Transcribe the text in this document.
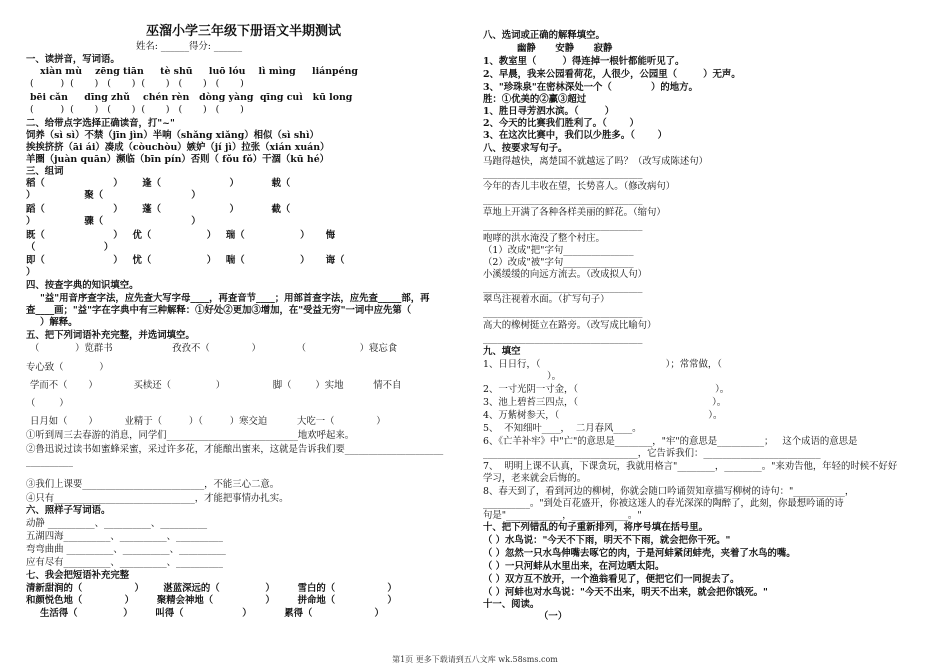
巫溜小学三年级下册语文半期测试
姓名: ______得分: ______
一、读拼音，写词语。
xiàn mù    zēng tiān     tè shū     luō lóu    lì mìng     liánpéng
(         )  (       )   (       )  (       )   (       )   (       )
bēi cǎn     dīng zhǔ    chén rèn   dòng yàng  qīng cuì   kū long
(         )  (       )   (       )  (       )   (       )   (       )
二、给带点字选择正确读音，打"~"
饲养（sì sì）不禁（jīn jìn）半响（shǎng xiǎng）相似（sì shì）
挨挨挤挤（āi ái）凑成（còuchòu）嫉妒（jí jì）拉张（xián xuán）
羊圈（juàn quān）濒临（bīn pín）否则（ fǒu fǒ）干涸（kū hé）
三、组词
稻（                     ）      逢（                     ）          载（
）               聚（                           ）
蹈（                     ）      蓬（                     ）          截（
）               骤（                           ）
既（                     ）   优（                 ）   瑞（                 ）     悔
（                     ）
即（                     ）   忧（                 ）   喘（                 ）     诲（
）
四、按查字典的知识填空。
"益"用音序查字法，应先查大写字母____，再查音节____；用部首查字法，应先查_____部，再
查____画；"益"字在字典中有三种解释：①好处②更加③增加，在"受益无穷"一词中应先第（
）解释。
五、把下列词语补充完整，并选词填空。
（            ）览群书                    孜孜不（              ）            （                  ）寝忘食
专心致（            ）
学而不（       ）            买椟还（               ）                脚（        ）实地          情不自
（        ）
日月如（       ）         业精于（         ）（         ）寒交迫          大吃一（              ）
①听到周三去春游的消息，同学们____________________________地欢呼起来。
②鲁迅说过读书如蜜蜂采蜜，采过许多花，才能酿出蜜来，这就是告诉我们要_____________________
__________
③我们上课要__________________________，不能三心二意。
④只有______________________________，才能把事情办扎实。
六、照样子写词语。
动静 __________、__________、__________
五湖四海__________、__________、__________
弯弯曲曲 __________、__________、__________
应有尽有__________、__________、__________
七、我会把短语补充完整
清新甜润的（                ）      湛蓝深远的（              ）       雪白的（                ）
和颜悦色地（             ）       聚精会神地（                ）       拼命地（                ）
生活得（              ）       叫得（                  ）          累得（                   ）
八、选词或正确的解释填空。
幽静      安静      寂静
1、教室里（        ）得连掉一根针都能听见了。
2、早晨，我来公园看荷花，人很少，公园里（        ）无声。
3、"珍珠泉"在密林深处一个（            ）的地方。
胜：①优美的②赢③超过
1、胜日寻芳泗水滨。（        ）
2、今天的比赛我们胜利了。（       ）
3、在这次比赛中，我们以少胜多。（       ）
八、按要求写句子。
马跑得越快，离楚国不就越远了吗？（改写成陈述句）
__________________________________
今年的杏儿丰收在望，长势喜人。（修改病句）
__________________________________
草地上开满了各种各样美丽的鲜花。（缩句）
__________________________________
咆哮的洪水淹没了整个村庄。
（1）改成"把"字句_______________
（2）改成"被"字句_______________
小溪缓缓的向远方流去。（改成拟人句）
__________________________________
翠鸟注视着水面。（扩写句子）
__________________________________
高大的橡树挺立在路旁。（改写成比喻句）
__________________________________
九、填空
1、日日行，（                                          ）；常常做，（
）。
2、一寸光阴一寸金，（                                              ）。
3、池上碧苔三四点，（                                             ）。
4、万紫树参天，（                                                  ）。
5、  不知细叶____，  二月春风____。
6、《亡羊补牢》中"亡"的意思是________，"牢"的意思是__________；   这个成语的意思是
_________________________________，它告诉我们：_________________________
7、  明明上课不认真，下课贪玩，我就用格言"________，________。"来劝告他，年轻的时候不好好
学习，老来就会后悔的。
8、春天到了，看到河边的柳树，你就会随口吟诵贺知章描写柳树的诗句："___________，
__________。"到处百花盛开，你被这迷人的春光深深的陶醉了，此刻，你最想吟诵的诗
句是"____________，____________。"
十、把下列错乱的句子重新排列，将序号填在括号里。
（ ）水鸟说："今天不下雨，明天不下雨，就会把你干死。"
（ ）忽然一只水鸟伸嘴去啄它的肉，于是河蚌紧闭蚌壳，夹着了水鸟的嘴。
（ ）一只河蚌从水里出来，在河边晒太阳。
（ ）双方互不放开，一个渔翁看见了，便把它们一同捉去了。
（ ）河蚌也对水鸟说："今天不出来，明天不出来，就会把你饿死。"
十一、阅读。
（一）
第1页 更多下载请到五八文库 wk.58sms.com
